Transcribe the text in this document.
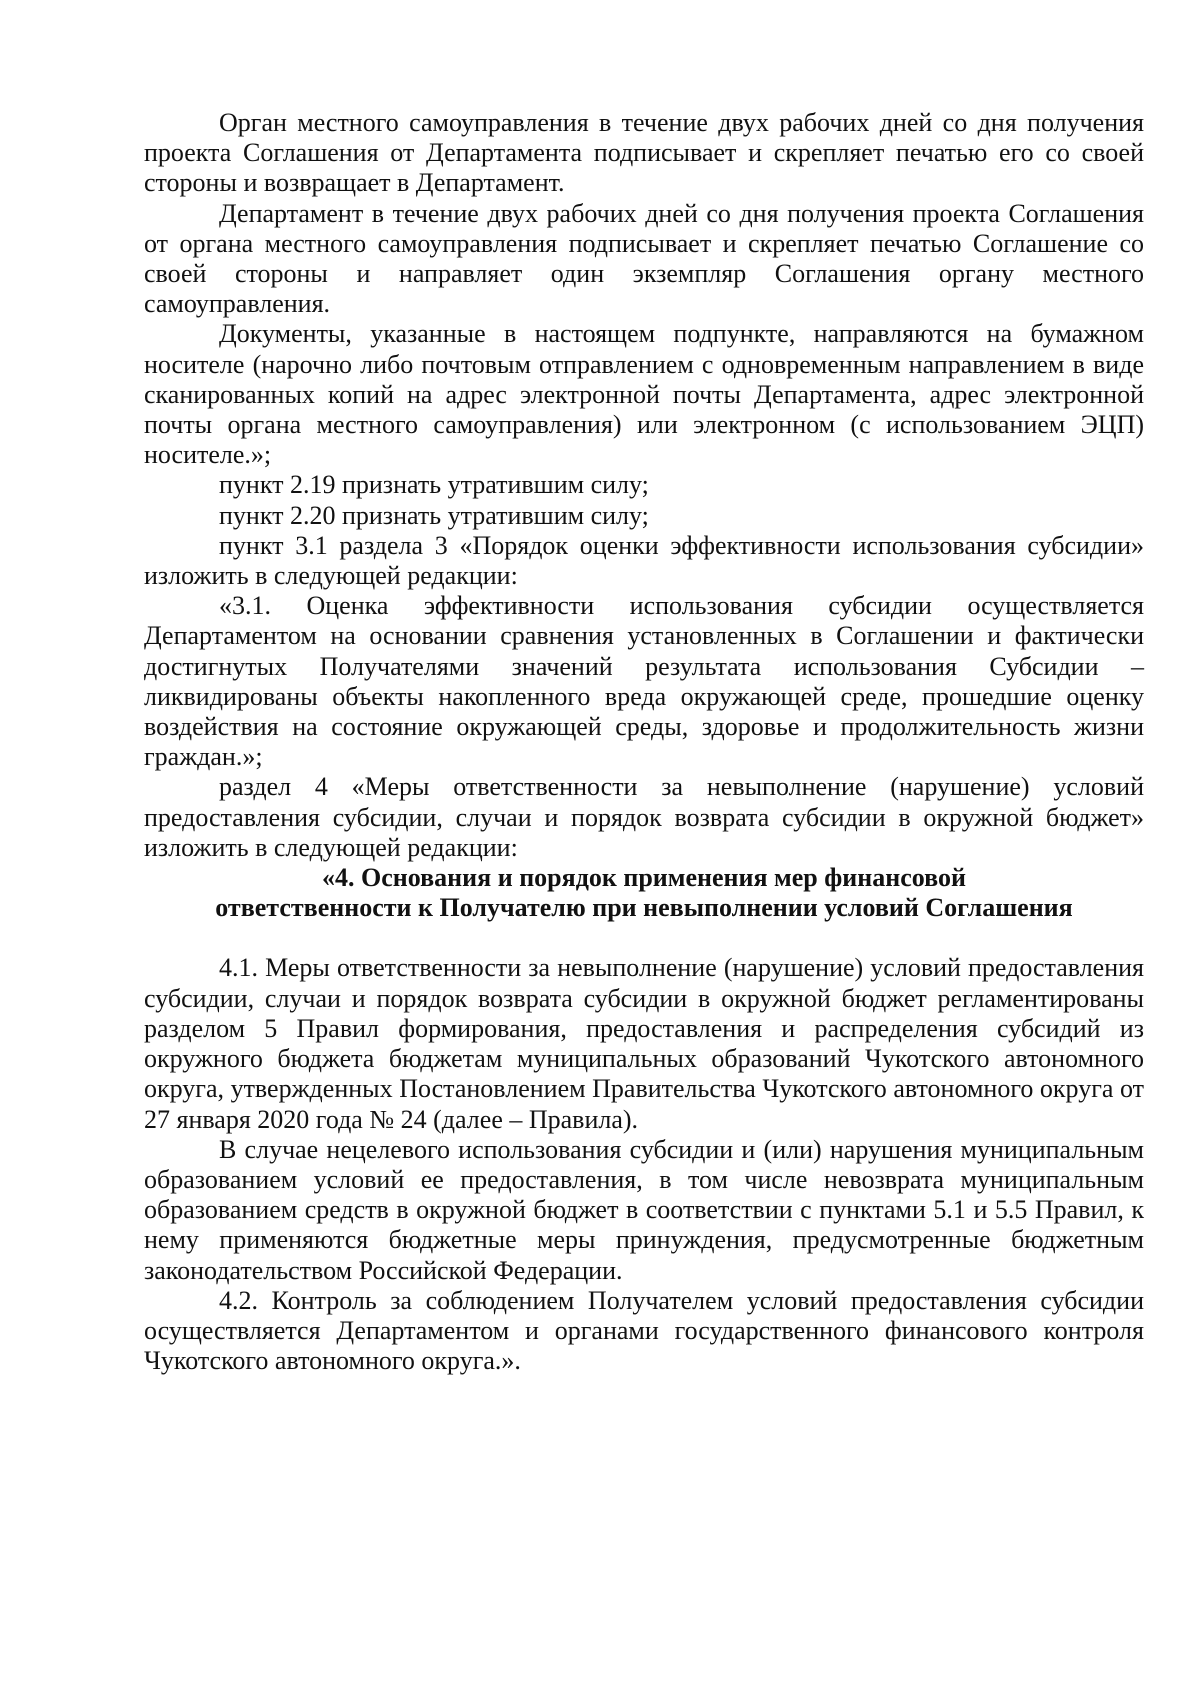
Орган местного самоуправления в течение двух рабочих дней со дня получения проекта Соглашения от Департамента подписывает и скрепляет печатью его со своей стороны и возвращает в Департамент.

Департамент в течение двух рабочих дней со дня получения проекта Соглашения от органа местного самоуправления подписывает и скрепляет печатью Соглашение со своей стороны и направляет один экземпляр Соглашения органу местного самоуправления.

Документы, указанные в настоящем подпункте, направляются на бумажном носителе (нарочно либо почтовым отправлением с одновременным направлением в виде сканированных копий на адрес электронной почты Департамента, адрес электронной почты органа местного самоуправления) или электронном (с использованием ЭЦП) носителе.»;

пункт 2.19 признать утратившим силу;

пункт 2.20 признать утратившим силу;

пункт 3.1 раздела 3 «Порядок оценки эффективности использования субсидии» изложить в следующей редакции:

«3.1. Оценка эффективности использования субсидии осуществляется Департаментом на основании сравнения установленных в Соглашении и фактически достигнутых Получателями значений результата использования Субсидии – ликвидированы объекты накопленного вреда окружающей среде, прошедшие оценку воздействия на состояние окружающей среды, здоровье и продолжительность жизни граждан.»;

раздел 4 «Меры ответственности за невыполнение (нарушение) условий предоставления субсидии, случаи и порядок возврата субсидии в окружной бюджет» изложить в следующей редакции:

«4. Основания и порядок применения мер финансовой
ответственности к Получателю при невыполнении условий Соглашения

4.1. Меры ответственности за невыполнение (нарушение) условий предоставления субсидии, случаи и порядок возврата субсидии в окружной бюджет регламентированы разделом 5 Правил формирования, предоставления и распределения субсидий из окружного бюджета бюджетам муниципальных образований Чукотского автономного округа, утвержденных Постановлением Правительства Чукотского автономного округа от 27 января 2020 года № 24 (далее – Правила).

В случае нецелевого использования субсидии и (или) нарушения муниципальным образованием условий ее предоставления, в том числе невозврата муниципальным образованием средств в окружной бюджет в соответствии с пунктами 5.1 и 5.5 Правил, к нему применяются бюджетные меры принуждения, предусмотренные бюджетным законодательством Российской Федерации.

4.2. Контроль за соблюдением Получателем условий предоставления субсидии осуществляется Департаментом и органами государственного финансового контроля Чукотского автономного округа.».
